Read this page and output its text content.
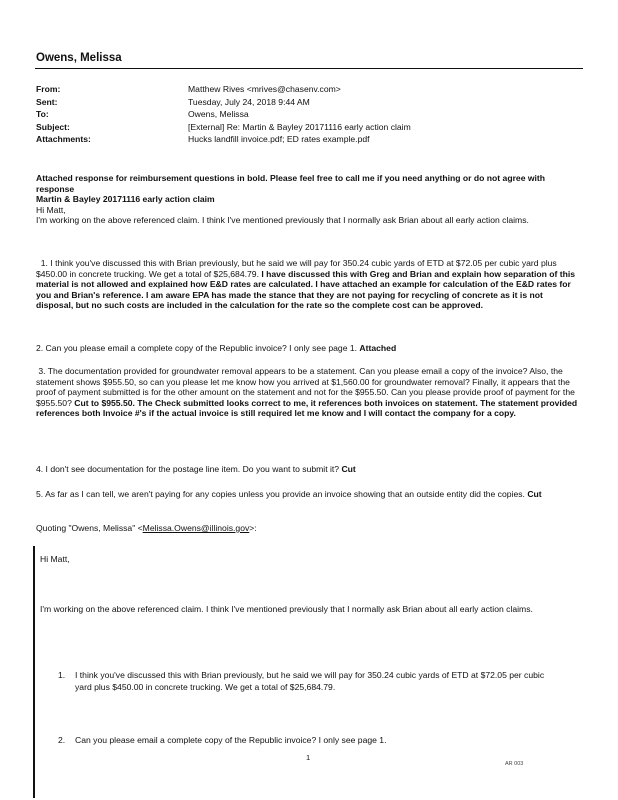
Owens, Melissa
From:	Matthew Rives <mrives@chasenv.com>
Sent:	Tuesday, July 24, 2018 9:44 AM
To:	Owens, Melissa
Subject:	[External] Re: Martin & Bayley 20171116 early action claim
Attachments:	Hucks landfill invoice.pdf; ED rates example.pdf

Attached response for reimbursement questions in bold. Please feel free to call me if you need anything or do not agree with response

Martin & Bayley 20171116 early action claim

Hi Matt,

I'm working on the above referenced claim. I think I've mentioned previously that I normally ask Brian about all early action claims.

1. I think you've discussed this with Brian previously, but he said we will pay for 350.24 cubic yards of ETD at $72.05 per cubic yard plus $450.00 in concrete trucking. We get a total of $25,684.79. I have discussed this with Greg and Brian and explain how separation of this material is not allowed and explained how E&D rates are calculated. I have attached an example for calculation of the E&D rates for you and Brian's reference. I am aware EPA has made the stance that they are not paying for recycling of concrete as it is not disposal, but no such costs are included in the calculation for the rate so the complete cost can be approved.

2. Can you please email a complete copy of the Republic invoice? I only see page 1. Attached

3. The documentation provided for groundwater removal appears to be a statement. Can you please email a copy of the invoice? Also, the statement shows $955.50, so can you please let me know how you arrived at $1,560.00 for groundwater removal? Finally, it appears that the proof of payment submitted is for the other amount on the statement and not for the $955.50. Can you please provide proof of payment for the $955.50? Cut to $955.50. The Check submitted looks correct to me, it references both invoices on statement. The statement provided references both Invoice #'s if the actual invoice is still required let me know and I will contact the company for a copy.

4. I don't see documentation for the postage line item. Do you want to submit it? Cut

5. As far as I can tell, we aren't paying for any copies unless you provide an invoice showing that an outside entity did the copies. Cut

Quoting "Owens, Melissa" <Melissa.Owens@illinois.gov>:

Hi Matt,
I'm working on the above referenced claim. I think I've mentioned previously that I normally ask Brian about all early action claims.
1. I think you've discussed this with Brian previously, but he said we will pay for 350.24 cubic yards of ETD at $72.05 per cubic yard plus $450.00 in concrete trucking. We get a total of $25,684.79.
2. Can you please email a complete copy of the Republic invoice? I only see page 1.
1
AR 003
